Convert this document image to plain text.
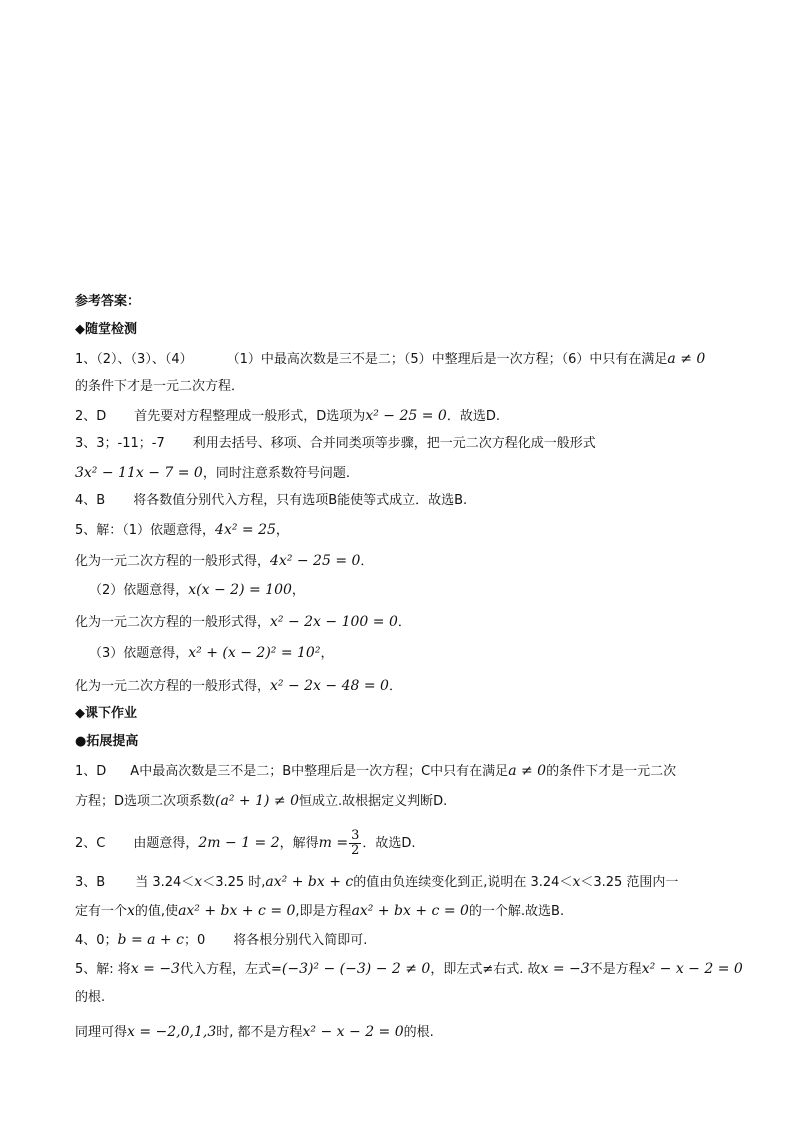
参考答案：
◆随堂检测
1、（2）、（3）、（4）	（1）中最高次数是三不是二；（5）中整理后是一次方程；（6）中只有在满足a ≠ 0
的条件下才是一元二次方程．
2、D 首先要对方程整理成一般形式，D选项为x² − 25 = 0．故选D.
3、3；-11；-7 利用去括号、移项、合并同类项等步骤，把一元二次方程化成一般形式
3x² − 11x − 7 = 0，同时注意系数符号问题.
4、B 将各数值分别代入方程，只有选项B能使等式成立．故选B.
5、解：（1）依题意得，4x² = 25，
化为一元二次方程的一般形式得，4x² − 25 = 0．
（2）依题意得，x(x − 2) = 100，
化为一元二次方程的一般形式得，x² − 2x − 100 = 0．
（3）依题意得，x² + (x − 2)² = 10²，
化为一元二次方程的一般形式得，x² − 2x − 48 = 0．
◆课下作业
●拓展提高
1、D A中最高次数是三不是二；B中整理后是一次方程；C中只有在满足a ≠ 0的条件下才是一元二次
方程；D选项二次项系数(a² + 1) ≠ 0恒成立.故根据定义判断D.
2、C 由题意得，2m − 1 = 2，解得$m = \frac{3}{2}$ ．故选D.
3、B 当 3.24＜x＜3.25 时,ax² + bx + c的值由负连续变化到正,说明在 3.24＜x＜3.25 范围内一
定有一个x的值,使ax² + bx + c = 0,即是方程ax² + bx + c = 0的一个解.故选B.
4、0；b = a + c；0 将各根分别代入简即可.
5、解: 将x = −3代入方程，左式=(−3)² − (−3) − 2 ≠ 0，即左式≠右式. 故x = −3不是方程x² − x − 2 = 0
的根.
同理可得x = −2,0,1,3时, 都不是方程x² − x − 2 = 0的根.
